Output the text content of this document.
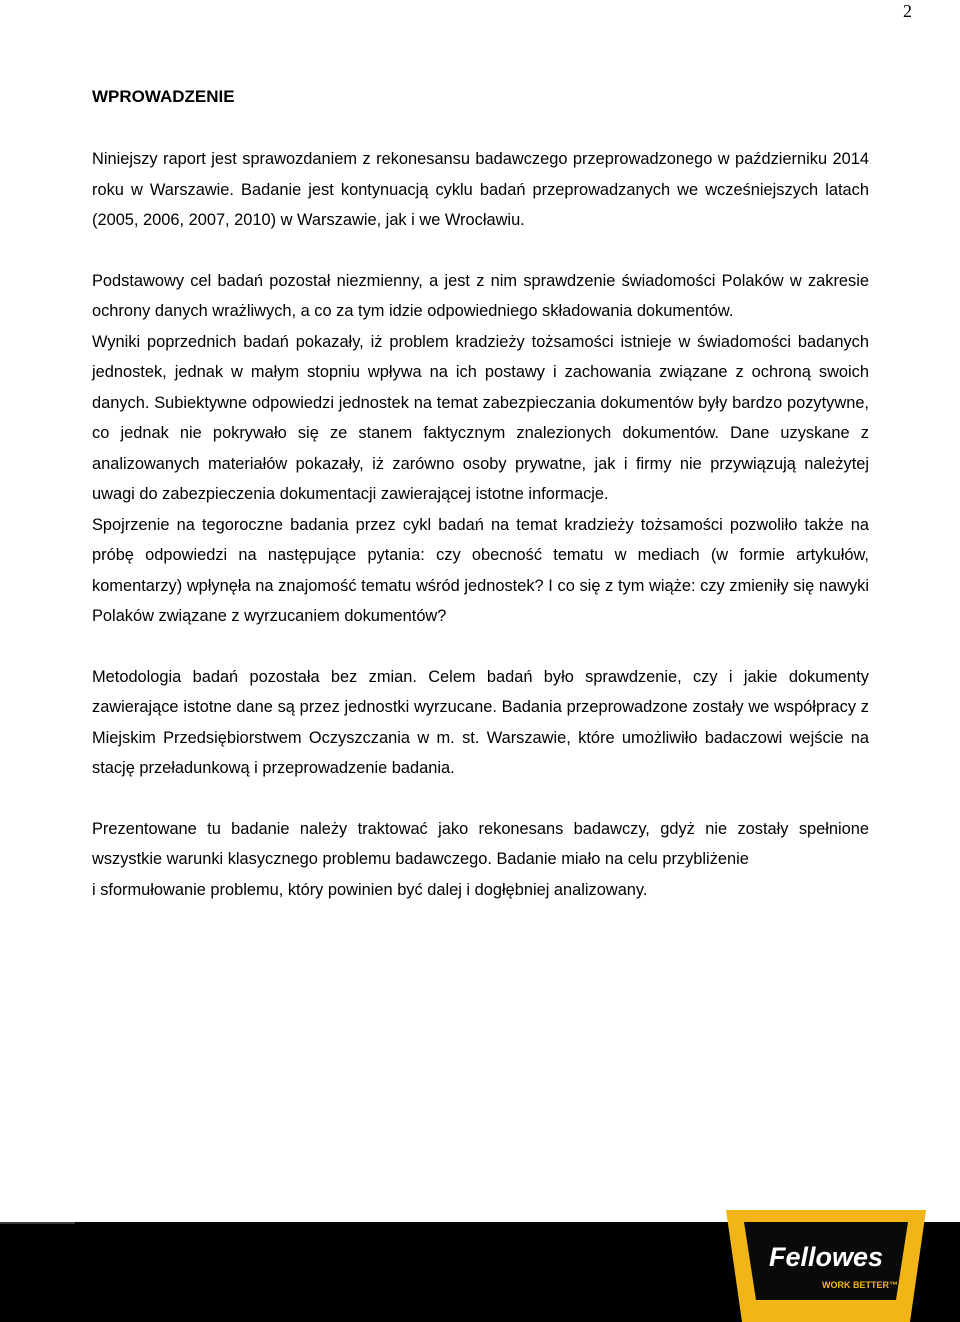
2
WPROWADZENIE

Niniejszy raport jest sprawozdaniem z rekonesansu badawczego przeprowadzonego w październiku 2014 roku w Warszawie. Badanie jest kontynuacją cyklu badań przeprowadzanych we wcześniejszych latach (2005, 2006, 2007, 2010) w Warszawie, jak i we Wrocławiu.

Podstawowy cel badań pozostał niezmienny, a jest z nim sprawdzenie świadomości Polaków w zakresie ochrony danych wrażliwych, a co za tym idzie odpowiedniego składowania dokumentów.

Wyniki poprzednich badań pokazały, iż problem kradzieży tożsamości istnieje w świadomości badanych jednostek, jednak w małym stopniu wpływa na ich postawy i zachowania związane z ochroną swoich danych. Subiektywne odpowiedzi jednostek na temat zabezpieczania dokumentów były bardzo pozytywne, co jednak nie pokrywało się ze stanem faktycznym znalezionych dokumentów. Dane uzyskane z analizowanych materiałów pokazały, iż zarówno osoby prywatne, jak i firmy nie przywiązują należytej uwagi do zabezpieczenia dokumentacji zawierającej istotne informacje.

Spojrzenie na tegoroczne badania przez cykl badań na temat kradzieży tożsamości pozwoliło także na próbę odpowiedzi na następujące pytania: czy obecność tematu w mediach (w formie artykułów, komentarzy) wpłynęła na znajomość tematu wśród jednostek? I co się z tym wiąże: czy zmieniły się nawyki Polaków związane z wyrzucaniem dokumentów?

Metodologia badań pozostała bez zmian. Celem badań było sprawdzenie, czy i jakie dokumenty zawierające istotne dane są przez jednostki wyrzucane. Badania przeprowadzone zostały we współpracy z Miejskim Przedsiębiorstwem Oczyszczania w m. st. Warszawie, które umożliwiło badaczowi wejście na stację przeładunkową i przeprowadzenie badania.

Prezentowane tu badanie należy traktować jako rekonesans badawczy, gdyż nie zostały spełnione wszystkie warunki klasycznego problemu badawczego. Badanie miało na celu przybliżenie

i sformułowanie problemu, który powinien być dalej i dogłębniej analizowany.

Fellowes
WORK BETTER™
